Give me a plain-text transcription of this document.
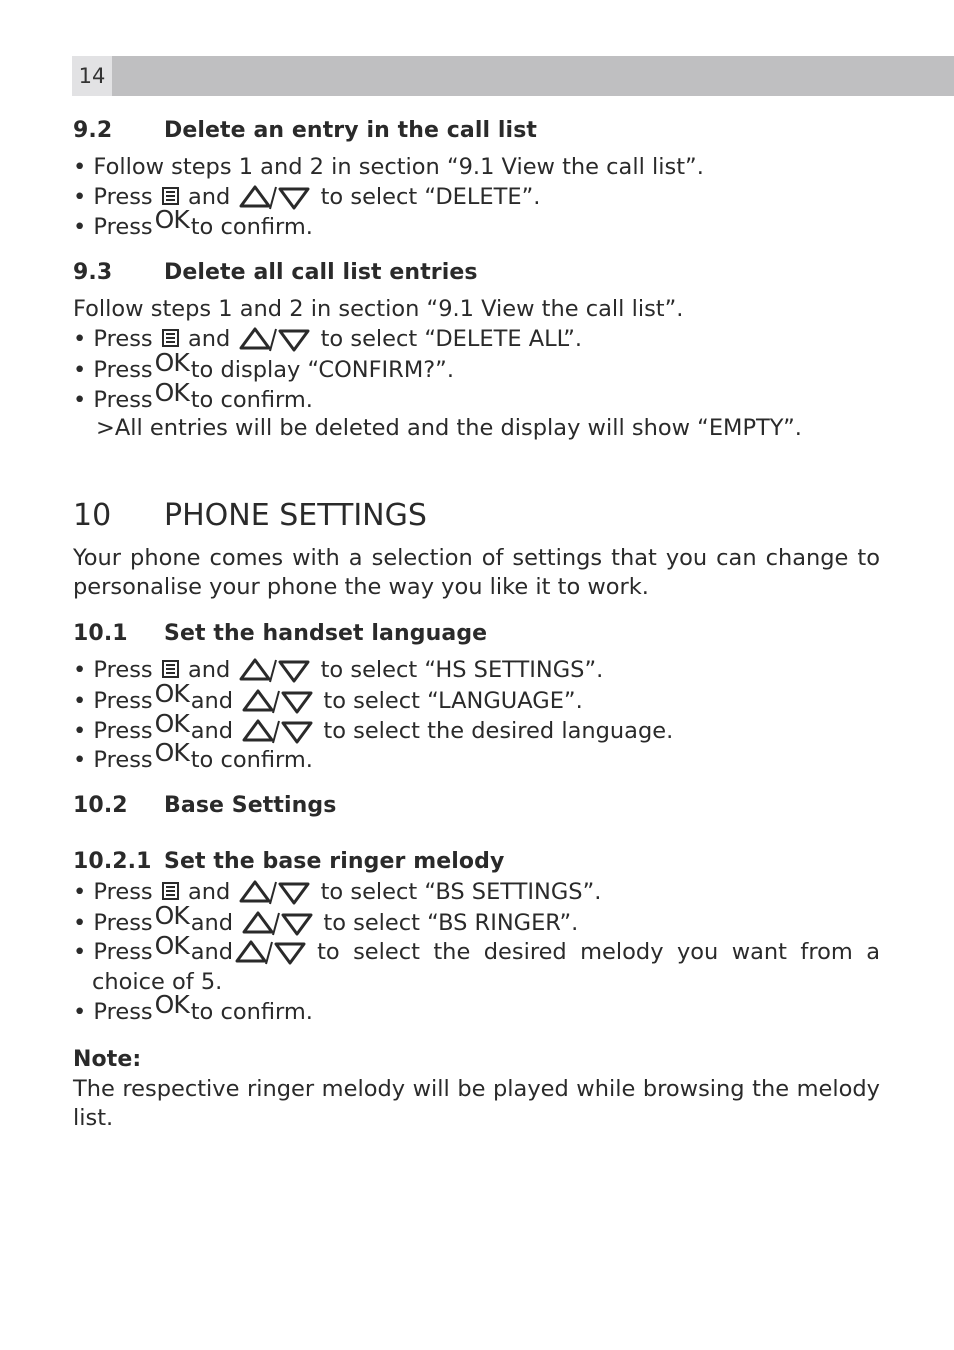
14
9.2 Delete an entry in the call list
• Follow steps 1 and 2 in section “9.1 View the call list”.
• Press and	to select “DELETE”.
• PressOKto confirm.
9.3 Delete all call list entries
Follow steps 1 and 2 in section “9.1 View the call list”.
• Press and	to select “DELETE ALL”.
• PressOKto display “CONFIRM?”.
• PressOKto confirm.
>All entries will be deleted and the display will show “EMPTY”.
10 PHONE SETTINGS
Your phone comes with a selection of settings that you can change to personalise your phone the way you like it to work.
10.1 Set the handset language
• Press and	to select “HS SETTINGS”.
• PressOKand	to select “LANGUAGE”.
• PressOKand	to select the desired language.
• PressOKto confirm.
10.2 Base Settings
10.2.1 Set the base ringer melody
• Press and	to select “BS SETTINGS”.
• PressOKand	to select “BS RINGER”.
• Press OK and	to select the desired melody you want from a
choice of 5.
• PressOKto confirm.
Note:
The respective ringer melody will be played while browsing the melody list.
